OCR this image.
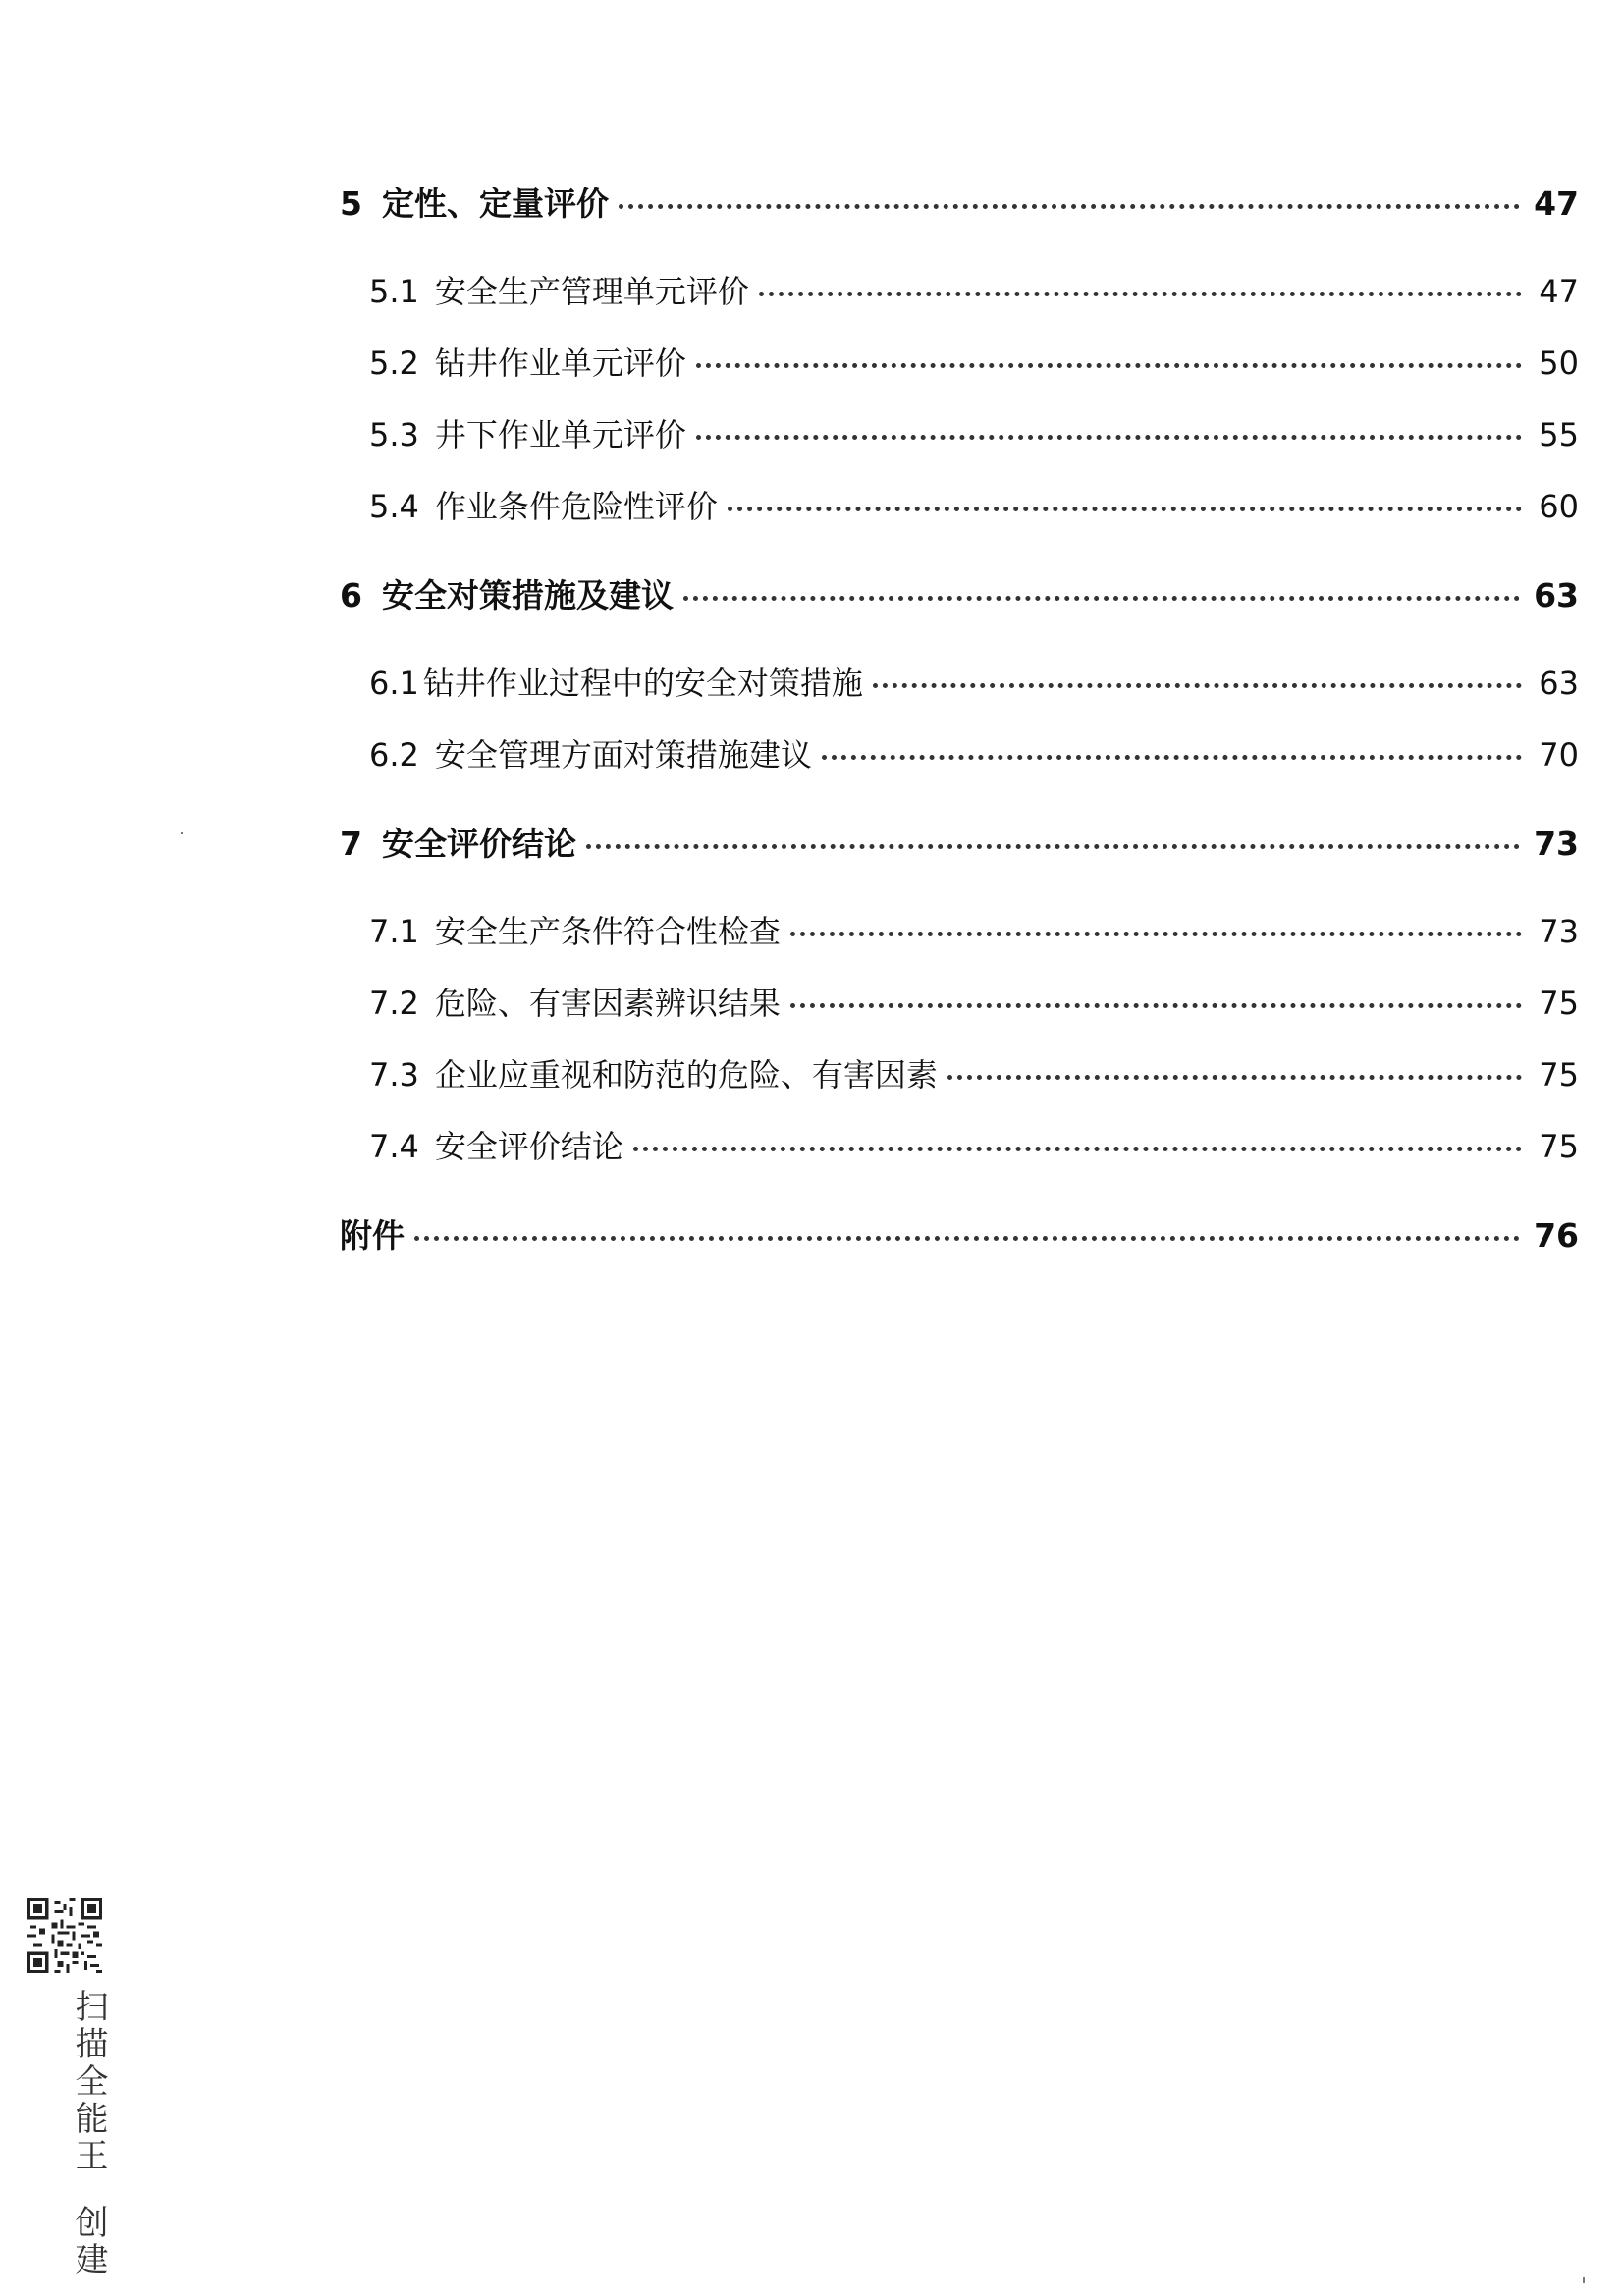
5 定性、定量评价	47
5.1 安全生产管理单元评价	47
5.2 钻井作业单元评价	50
5.3 井下作业单元评价	55
5.4 作业条件危险性评价	60
6 安全对策措施及建议	63
6.1 钻井作业过程中的安全对策措施	63
6.2 安全管理方面对策措施建议	70
7 安全评价结论	73
7.1 安全生产条件符合性检查	73
7.2 危险、有害因素辨识结果	75
7.3 企业应重视和防范的危险、有害因素	75
7.4 安全评价结论	75
附件	76
扫描全能王创建
